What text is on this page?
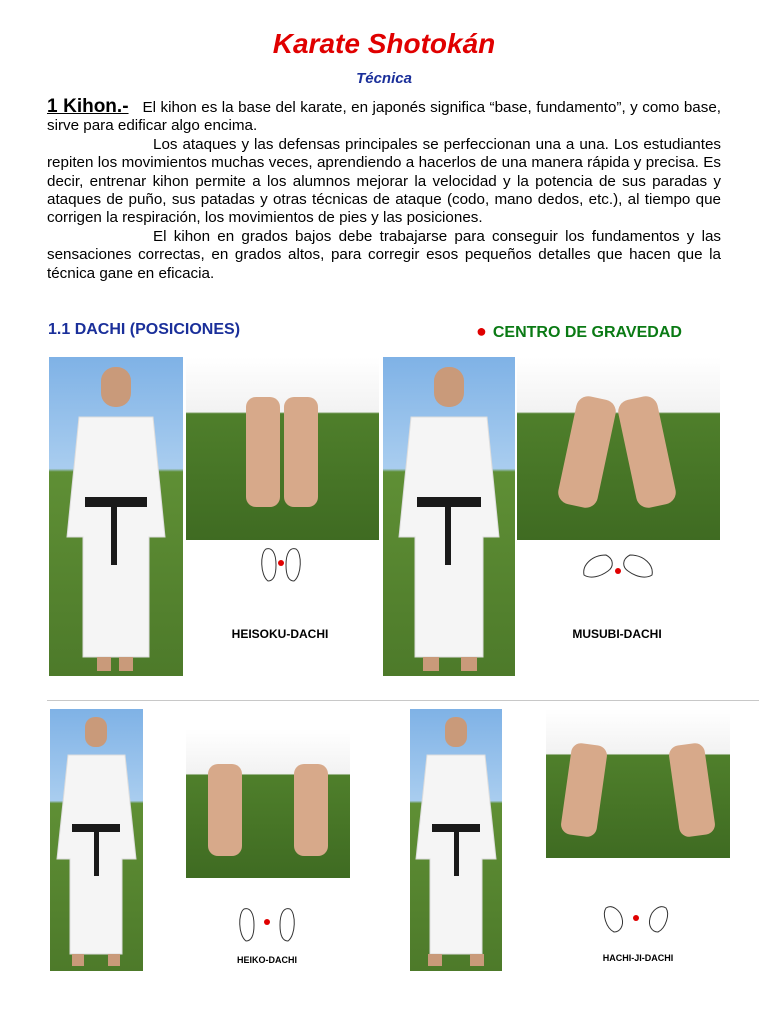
Karate Shotokán
Técnica

1 Kihon.- El kihon es la base del karate, en japonés significa “base, fundamento”, y como base, sirve para edificar algo encima.

Los ataques y las defensas principales se perfeccionan una a una. Los estudiantes repiten los movimientos muchas veces, aprendiendo a hacerlos de una manera rápida y precisa. Es decir, entrenar kihon permite a los alumnos mejorar la velocidad y la potencia de sus paradas y ataques de puño, sus patadas y otras técnicas de ataque (codo, mano dedos, etc.), al tiempo que corrigen la respiración, los movimientos de pies y las posiciones.

El kihon en grados bajos debe trabajarse para conseguir los fundamentos y las sensaciones correctas, en grados altos, para corregir esos pequeños detalles que hacen que la técnica gane en eficacia.

1.1 DACHI (POSICIONES)	● CENTRO DE GRAVEDAD
HEISOKU-DACHI	MUSUBI-DACHI
HEIKO-DACHI	HACHI-JI-DACHI
